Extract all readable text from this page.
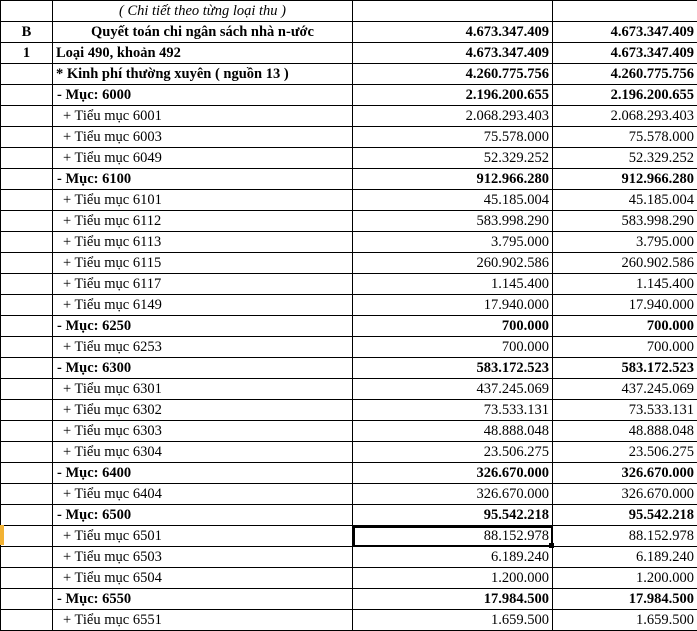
	( Chi tiết theo từng loại thu )		
B	Quyết toán chi ngân sách nhà n-ước	4.673.347.409	4.673.347.409
1	Loại 490, khoản 492	4.673.347.409	4.673.347.409
	* Kinh phí thường xuyên ( nguồn 13 )	4.260.775.756	4.260.775.756
	- Mục: 6000	2.196.200.655	2.196.200.655
	+ Tiểu mục 6001	2.068.293.403	2.068.293.403
	+ Tiểu mục 6003	75.578.000	75.578.000
	+ Tiểu mục 6049	52.329.252	52.329.252
	- Mục: 6100	912.966.280	912.966.280
	+ Tiểu mục 6101	45.185.004	45.185.004
	+ Tiểu mục 6112	583.998.290	583.998.290
	+ Tiểu mục 6113	3.795.000	3.795.000
	+ Tiểu mục 6115	260.902.586	260.902.586
	+ Tiểu mục 6117	1.145.400	1.145.400
	+ Tiểu mục 6149	17.940.000	17.940.000
	- Mục: 6250	700.000	700.000
	+ Tiểu mục 6253	700.000	700.000
	- Mục: 6300	583.172.523	583.172.523
	+ Tiểu mục 6301	437.245.069	437.245.069
	+ Tiểu mục 6302	73.533.131	73.533.131
	+ Tiểu mục 6303	48.888.048	48.888.048
	+ Tiểu mục 6304	23.506.275	23.506.275
	- Mục: 6400	326.670.000	326.670.000
	+ Tiểu mục 6404	326.670.000	326.670.000
	- Mục: 6500	95.542.218	95.542.218
	+ Tiểu mục 6501	88.152.978	88.152.978
	+ Tiểu mục 6503	6.189.240	6.189.240
	+ Tiểu mục 6504	1.200.000	1.200.000
	- Mục: 6550	17.984.500	17.984.500
	+ Tiểu mục 6551	1.659.500	1.659.500
